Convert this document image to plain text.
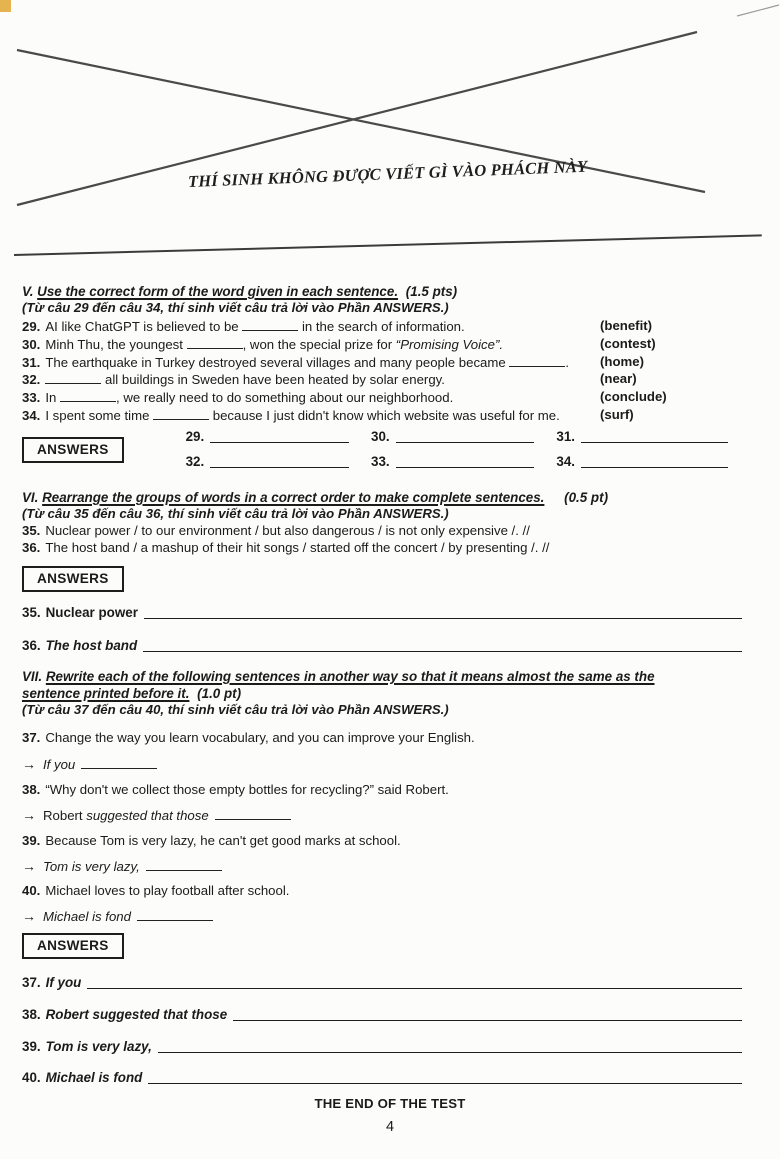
THÍ SINH KHÔNG ĐƯỢC VIẾT GÌ VÀO PHÁCH NÀY
V. Use the correct form of the word given in each sentence. (1.5 pts)
(Từ câu 29 đến câu 34, thí sinh viết câu trả lời vào Phần ANSWERS.)
29. AI like ChatGPT is believed to be	in the search of information.	(benefit)
30. Minh Thu, the youngest	, won the special prize for “Promising Voice”.	(contest)
31. The earthquake in Turkey destroyed several villages and many people became	.	(home)
32.	all buildings in Sweden have been heated by solar energy.	(near)
33. In	, we really need to do something about our neighborhood.	(conclude)
34. I spent some time	because I just didn't know which website was useful for me.	(surf)
ANSWERS
29.	30.	31.
32.	33.	34.
VI. Rearrange the groups of words in a correct order to make complete sentences. (0.5 pt)
(Từ câu 35 đến câu 36, thí sinh viết câu trả lời vào Phần ANSWERS.)
35. Nuclear power / to our environment / but also dangerous / is not only expensive /. //
36. The host band / a mashup of their hit songs / started off the concert / by presenting /. //
ANSWERS
35. Nuclear power
36. The host band
VII. Rewrite each of the following sentences in another way so that it means almost the same as the
sentence printed before it. (1.0 pt)
(Từ câu 37 đến câu 40, thí sinh viết câu trả lời vào Phần ANSWERS.)
37. Change the way you learn vocabulary, and you can improve your English.
→ If you
38. “Why don't we collect those empty bottles for recycling?” said Robert.
→ Robert suggested that those
39. Because Tom is very lazy, he can't get good marks at school.
→ Tom is very lazy,
40. Michael loves to play football after school.
→ Michael is fond
ANSWERS
37. If you
38. Robert suggested that those
39. Tom is very lazy,
40. Michael is fond
THE END OF THE TEST
4
